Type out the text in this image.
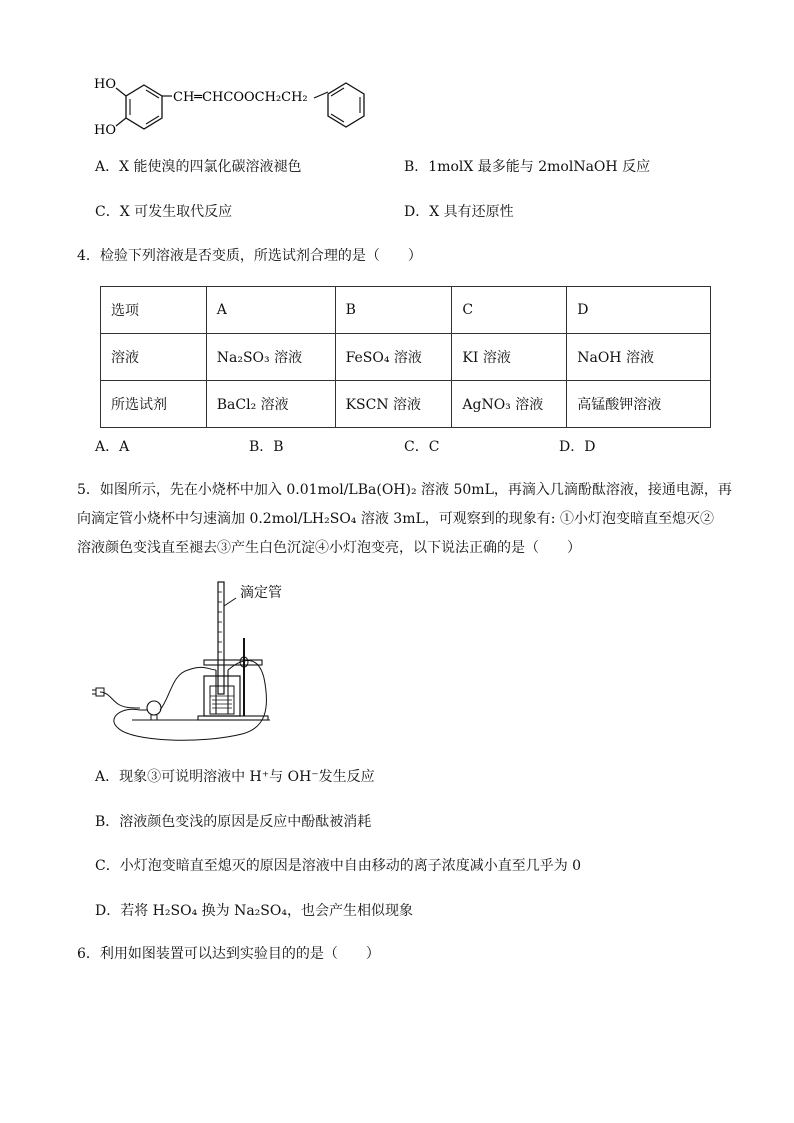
HO
HO
CH═CHCOOCH₂CH₂
A．X 能使溴的四氯化碳溶液褪色	B．1molX 最多能与 2molNaOH 反应
C．X 可发生取代反应	D．X 具有还原性
4．检验下列溶液是否变质，所选试剂合理的是（　　）
选项	A	B	C	D
溶液	Na₂SO₃ 溶液	FeSO₄ 溶液	KI 溶液	NaOH 溶液
所选试剂	BaCl₂ 溶液	KSCN 溶液	AgNO₃ 溶液	高锰酸钾溶液
A．A	B．B	C．C	D．D
5．如图所示，先在小烧杯中加入 0.01mol/LBa(OH)₂ 溶液 50mL，再滴入几滴酚酞溶液，接通电源，再
向滴定管小烧杯中匀速滴加 0.2mol/LH₂SO₄ 溶液 3mL，可观察到的现象有: ①小灯泡变暗直至熄灭②
溶液颜色变浅直至褪去③产生白色沉淀④小灯泡变亮，以下说法正确的是（　　）
滴定管
A．现象③可说明溶液中 H⁺与 OH⁻发生反应
B．溶液颜色变浅的原因是反应中酚酞被消耗
C．小灯泡变暗直至熄灭的原因是溶液中自由移动的离子浓度减小直至几乎为 0
D．若将 H₂SO₄ 换为 Na₂SO₄，也会产生相似现象
6．利用如图装置可以达到实验目的的是（　　）
